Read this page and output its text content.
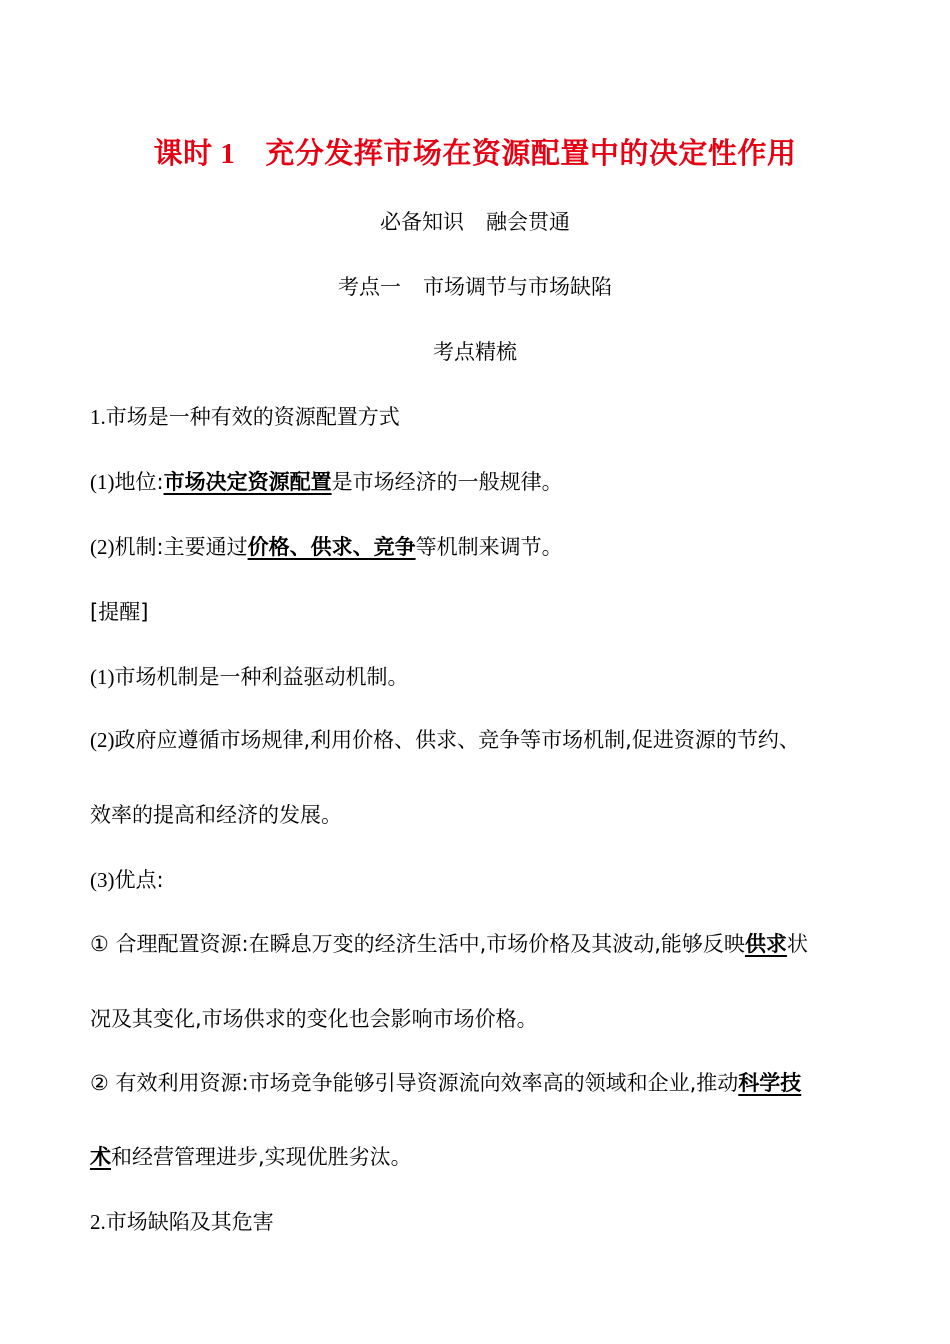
课时 1 充分发挥市场在资源配置中的决定性作用
必备知识 融会贯通
考点一 市场调节与市场缺陷
考点精梳
1.市场是一种有效的资源配置方式
(1)地位:市场决定资源配置是市场经济的一般规律。
(2)机制:主要通过价格、供求、竞争等机制来调节。
[提醒]
(1)市场机制是一种利益驱动机制。
(2)政府应遵循市场规律,利用价格、供求、竞争等市场机制,促进资源的节约、
效率的提高和经济的发展。
(3)优点:
① 合理配置资源:在瞬息万变的经济生活中,市场价格及其波动,能够反映供求状
况及其变化,市场供求的变化也会影响市场价格。
② 有效利用资源:市场竞争能够引导资源流向效率高的领域和企业,推动科学技
术和经营管理进步,实现优胜劣汰。
2.市场缺陷及其危害
